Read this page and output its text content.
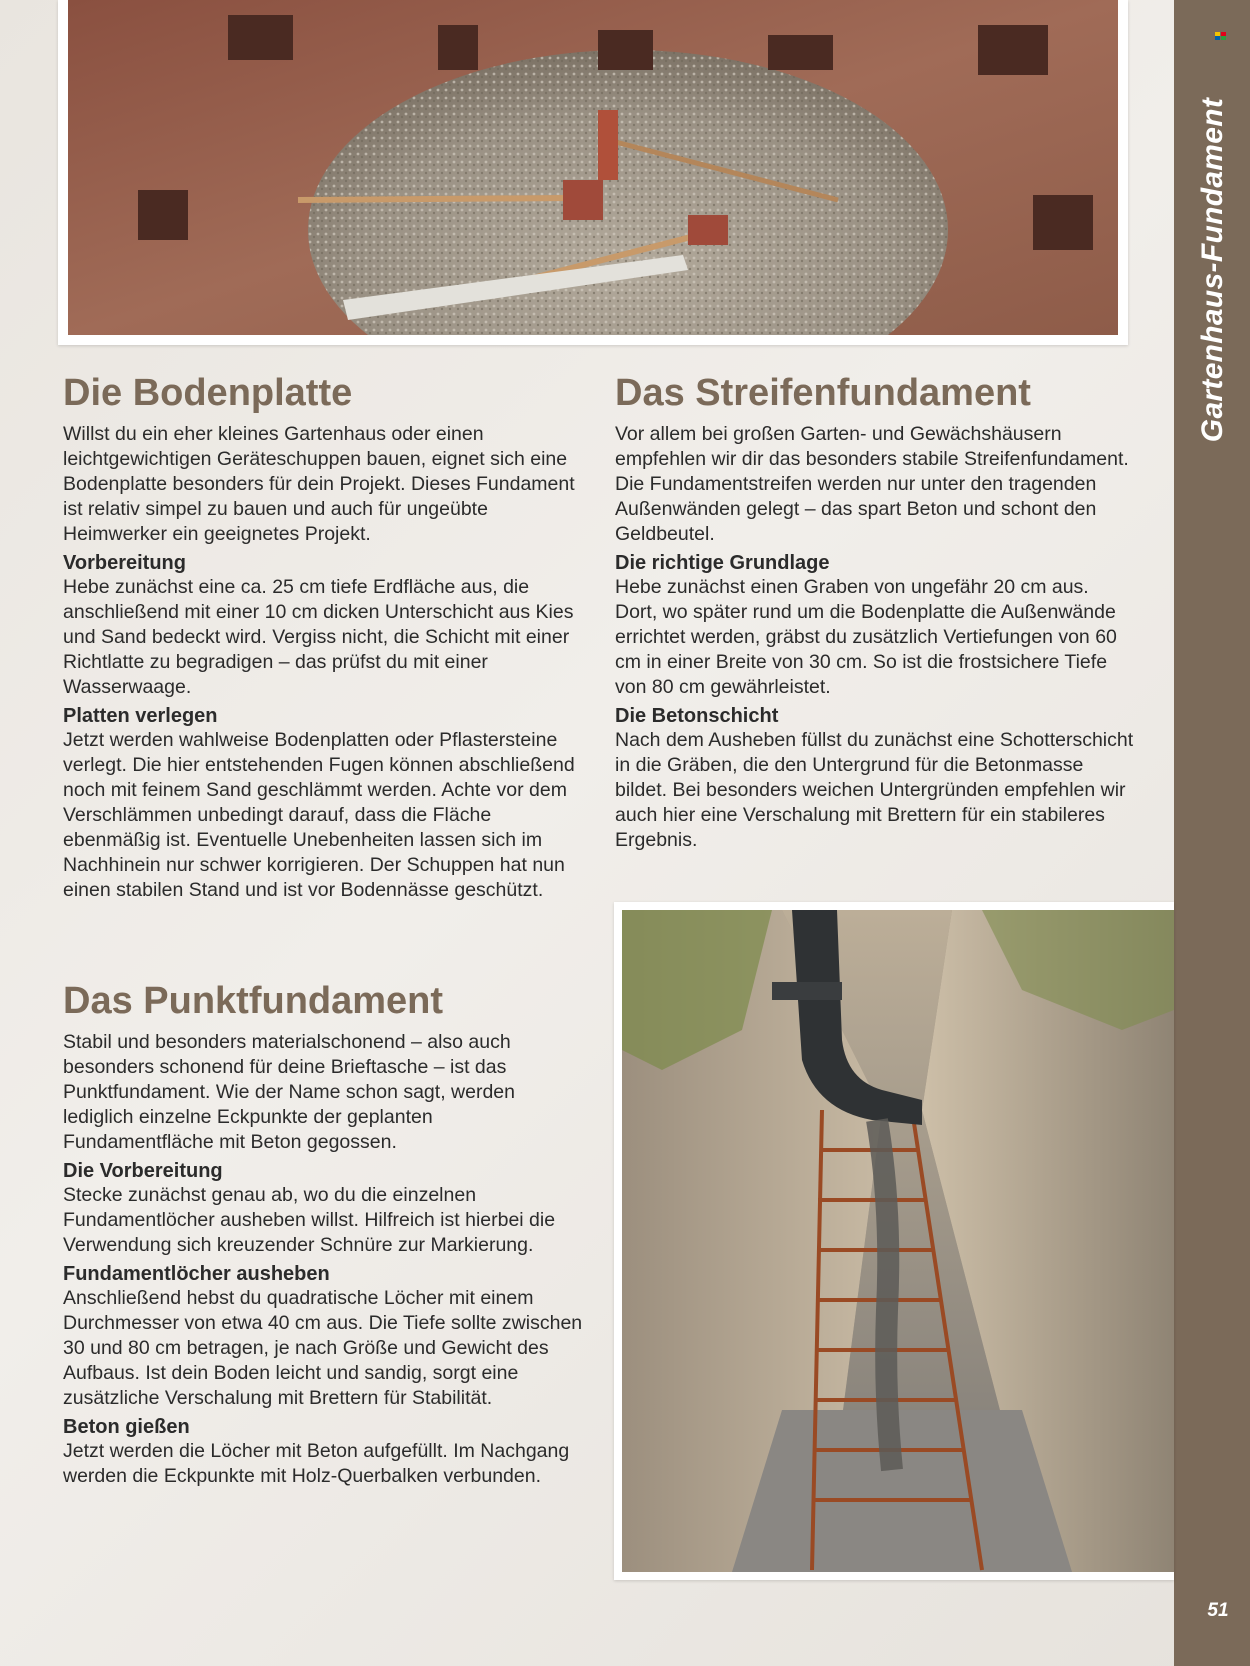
Gartenhaus-Fundament
51
Die Bodenplatte

Willst du ein eher kleines Gartenhaus oder einen leichtgewichtigen Geräteschuppen bauen, eignet sich eine Bodenplatte besonders für dein Projekt. Dieses Fundament ist relativ simpel zu bauen und auch für ungeübte Heimwerker ein geeignetes Projekt.

Vorbereitung

Hebe zunächst eine ca. 25 cm tiefe Erdfläche aus, die anschließend mit einer 10 cm dicken Unterschicht aus Kies und Sand bedeckt wird. Vergiss nicht, die Schicht mit einer Richtlatte zu begradigen – das prüfst du mit einer Wasserwaage.

Platten verlegen

Jetzt werden wahlweise Bodenplatten oder Pflastersteine verlegt. Die hier entstehenden Fugen können abschließend noch mit feinem Sand geschlämmt werden. Achte vor dem Verschlämmen unbedingt darauf, dass die Fläche ebenmäßig ist. Eventuelle Unebenheiten lassen sich im Nachhinein nur schwer korrigieren. Der Schuppen hat nun einen stabilen Stand und ist vor Bodennässe geschützt.

Das Streifenfundament

Vor allem bei großen Garten- und Gewächshäusern empfehlen wir dir das besonders stabile Streifenfundament. Die Fundamentstreifen werden nur unter den tragenden Außenwänden gelegt – das spart Beton und schont den Geldbeutel.

Die richtige Grundlage

Hebe zunächst einen Graben von ungefähr 20 cm aus. Dort, wo später rund um die Bodenplatte die Außenwände errichtet werden, gräbst du zusätzlich Vertiefungen von 60 cm in einer Breite von 30 cm. So ist die frostsichere Tiefe von 80 cm gewährleistet.

Die Betonschicht

Nach dem Ausheben füllst du zunächst eine Schotterschicht in die Gräben, die den Untergrund für die Betonmasse bildet. Bei besonders weichen Untergründen empfehlen wir auch hier eine Verschalung mit Brettern für ein stabileres Ergebnis.

Das Punktfundament

Stabil und besonders materialschonend – also auch besonders schonend für deine Brieftasche – ist das Punktfundament. Wie der Name schon sagt, werden lediglich einzelne Eckpunkte der geplanten Fundamentfläche mit Beton gegossen.

Die Vorbereitung

Stecke zunächst genau ab, wo du die einzelnen Fundamentlöcher ausheben willst. Hilfreich ist hierbei die Verwendung sich kreuzender Schnüre zur Markierung.

Fundamentlöcher ausheben

Anschließend hebst du quadratische Löcher mit einem Durchmesser von etwa 40 cm aus. Die Tiefe sollte zwischen 30 und 80 cm betragen, je nach Größe und Gewicht des Aufbaus. Ist dein Boden leicht und sandig, sorgt eine zusätzliche Verschalung mit Brettern für Stabilität.

Beton gießen

Jetzt werden die Löcher mit Beton aufgefüllt. Im Nachgang werden die Eckpunkte mit Holz-Querbalken verbunden.
